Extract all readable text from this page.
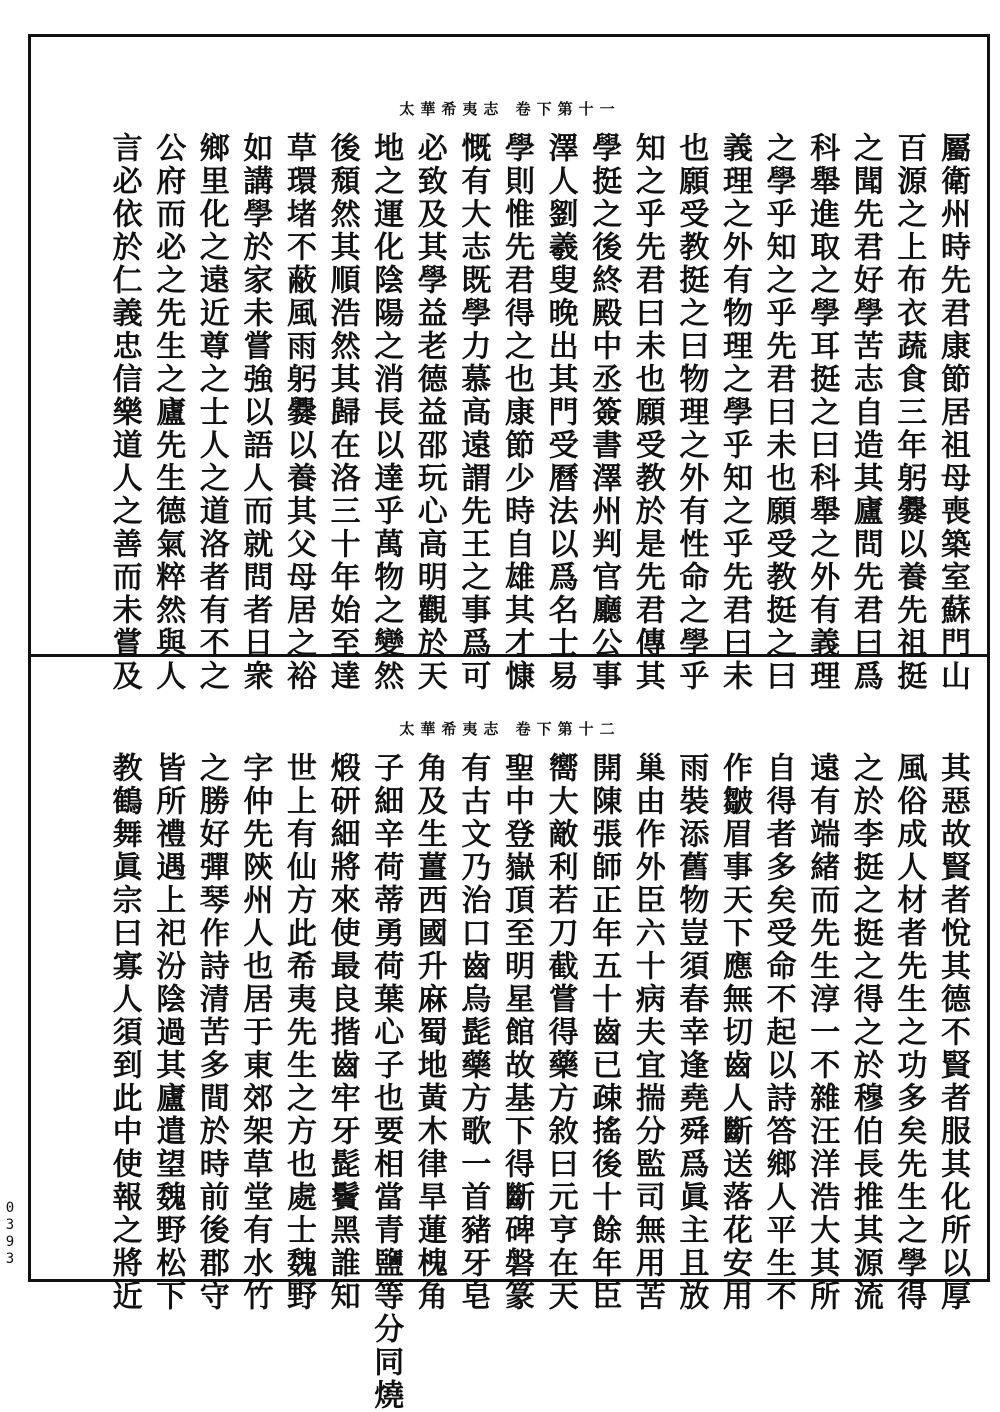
太華希夷志 卷下第十一
太華希夷志 卷下第十二
屬衛州時先君康節居祖母喪築室蘇門山
百源之上布衣蔬食三年躬爨以養先祖挺
之聞先君好學苦志自造其廬問先君曰爲
科舉進取之學耳挺之曰科舉之外有義理
之學乎知之乎先君曰未也願受教挺之曰
義理之外有物理之學乎知之乎先君曰未
也願受教挺之曰物理之外有性命之學乎
知之乎先君曰未也願受教於是先君傳其
學挺之後終殿中丞簽書澤州判官廳公事
澤人劉羲叟晚出其門受曆法以爲名士易
學則惟先君得之也康節少時自雄其才慷
慨有大志既學力慕高遠謂先王之事爲可
必致及其學益老德益邵玩心高明觀於天
地之運化陰陽之消長以達乎萬物之變然
後頹然其順浩然其歸在洛三十年始至達
草環堵不蔽風雨躬爨以養其父母居之裕
如講學於家未嘗強以語人而就問者日衆
鄉里化之遠近尊之士人之道洛者有不之
公府而必之先生之廬先生德氣粹然與人
言必依於仁義忠信樂道人之善而未嘗及
其惡故賢者悅其德不賢者服其化所以厚
風俗成人材者先生之功多矣先生之學得
之於李挺之挺之得之於穆伯長推其源流
遠有端緒而先生淳一不雜汪洋浩大其所
自得者多矣受命不起以詩答鄉人平生不
作皺眉事天下應無切齒人斷送落花安用
雨裝添舊物豈須春幸逢堯舜爲眞主且放
巢由作外臣六十病夫宜揣分監司無用苦
開陳張師正年五十齒已疎搖後十餘年臣
嚮大敵利若刀截嘗得藥方敘曰元亨在天
聖中登嶽頂至明星館故基下得斷碑磐篆
有古文乃治口齒烏髭藥方歌一首豬牙皂
角及生薑西國升麻蜀地黃木律旱蓮槐角
子細辛荷蒂勇荷葉心子也要相當青鹽等分同燒
煅研細將來使最良揩齒牢牙髭鬢黑誰知
世上有仙方此希夷先生之方也處士魏野
字仲先陝州人也居于東郊架草堂有水竹
之勝好彈琴作詩清苦多間於時前後郡守
皆所禮遇上祀汾陰過其廬遣望魏野松下
教鶴舞眞宗曰寡人須到此中使報之將近
0393
